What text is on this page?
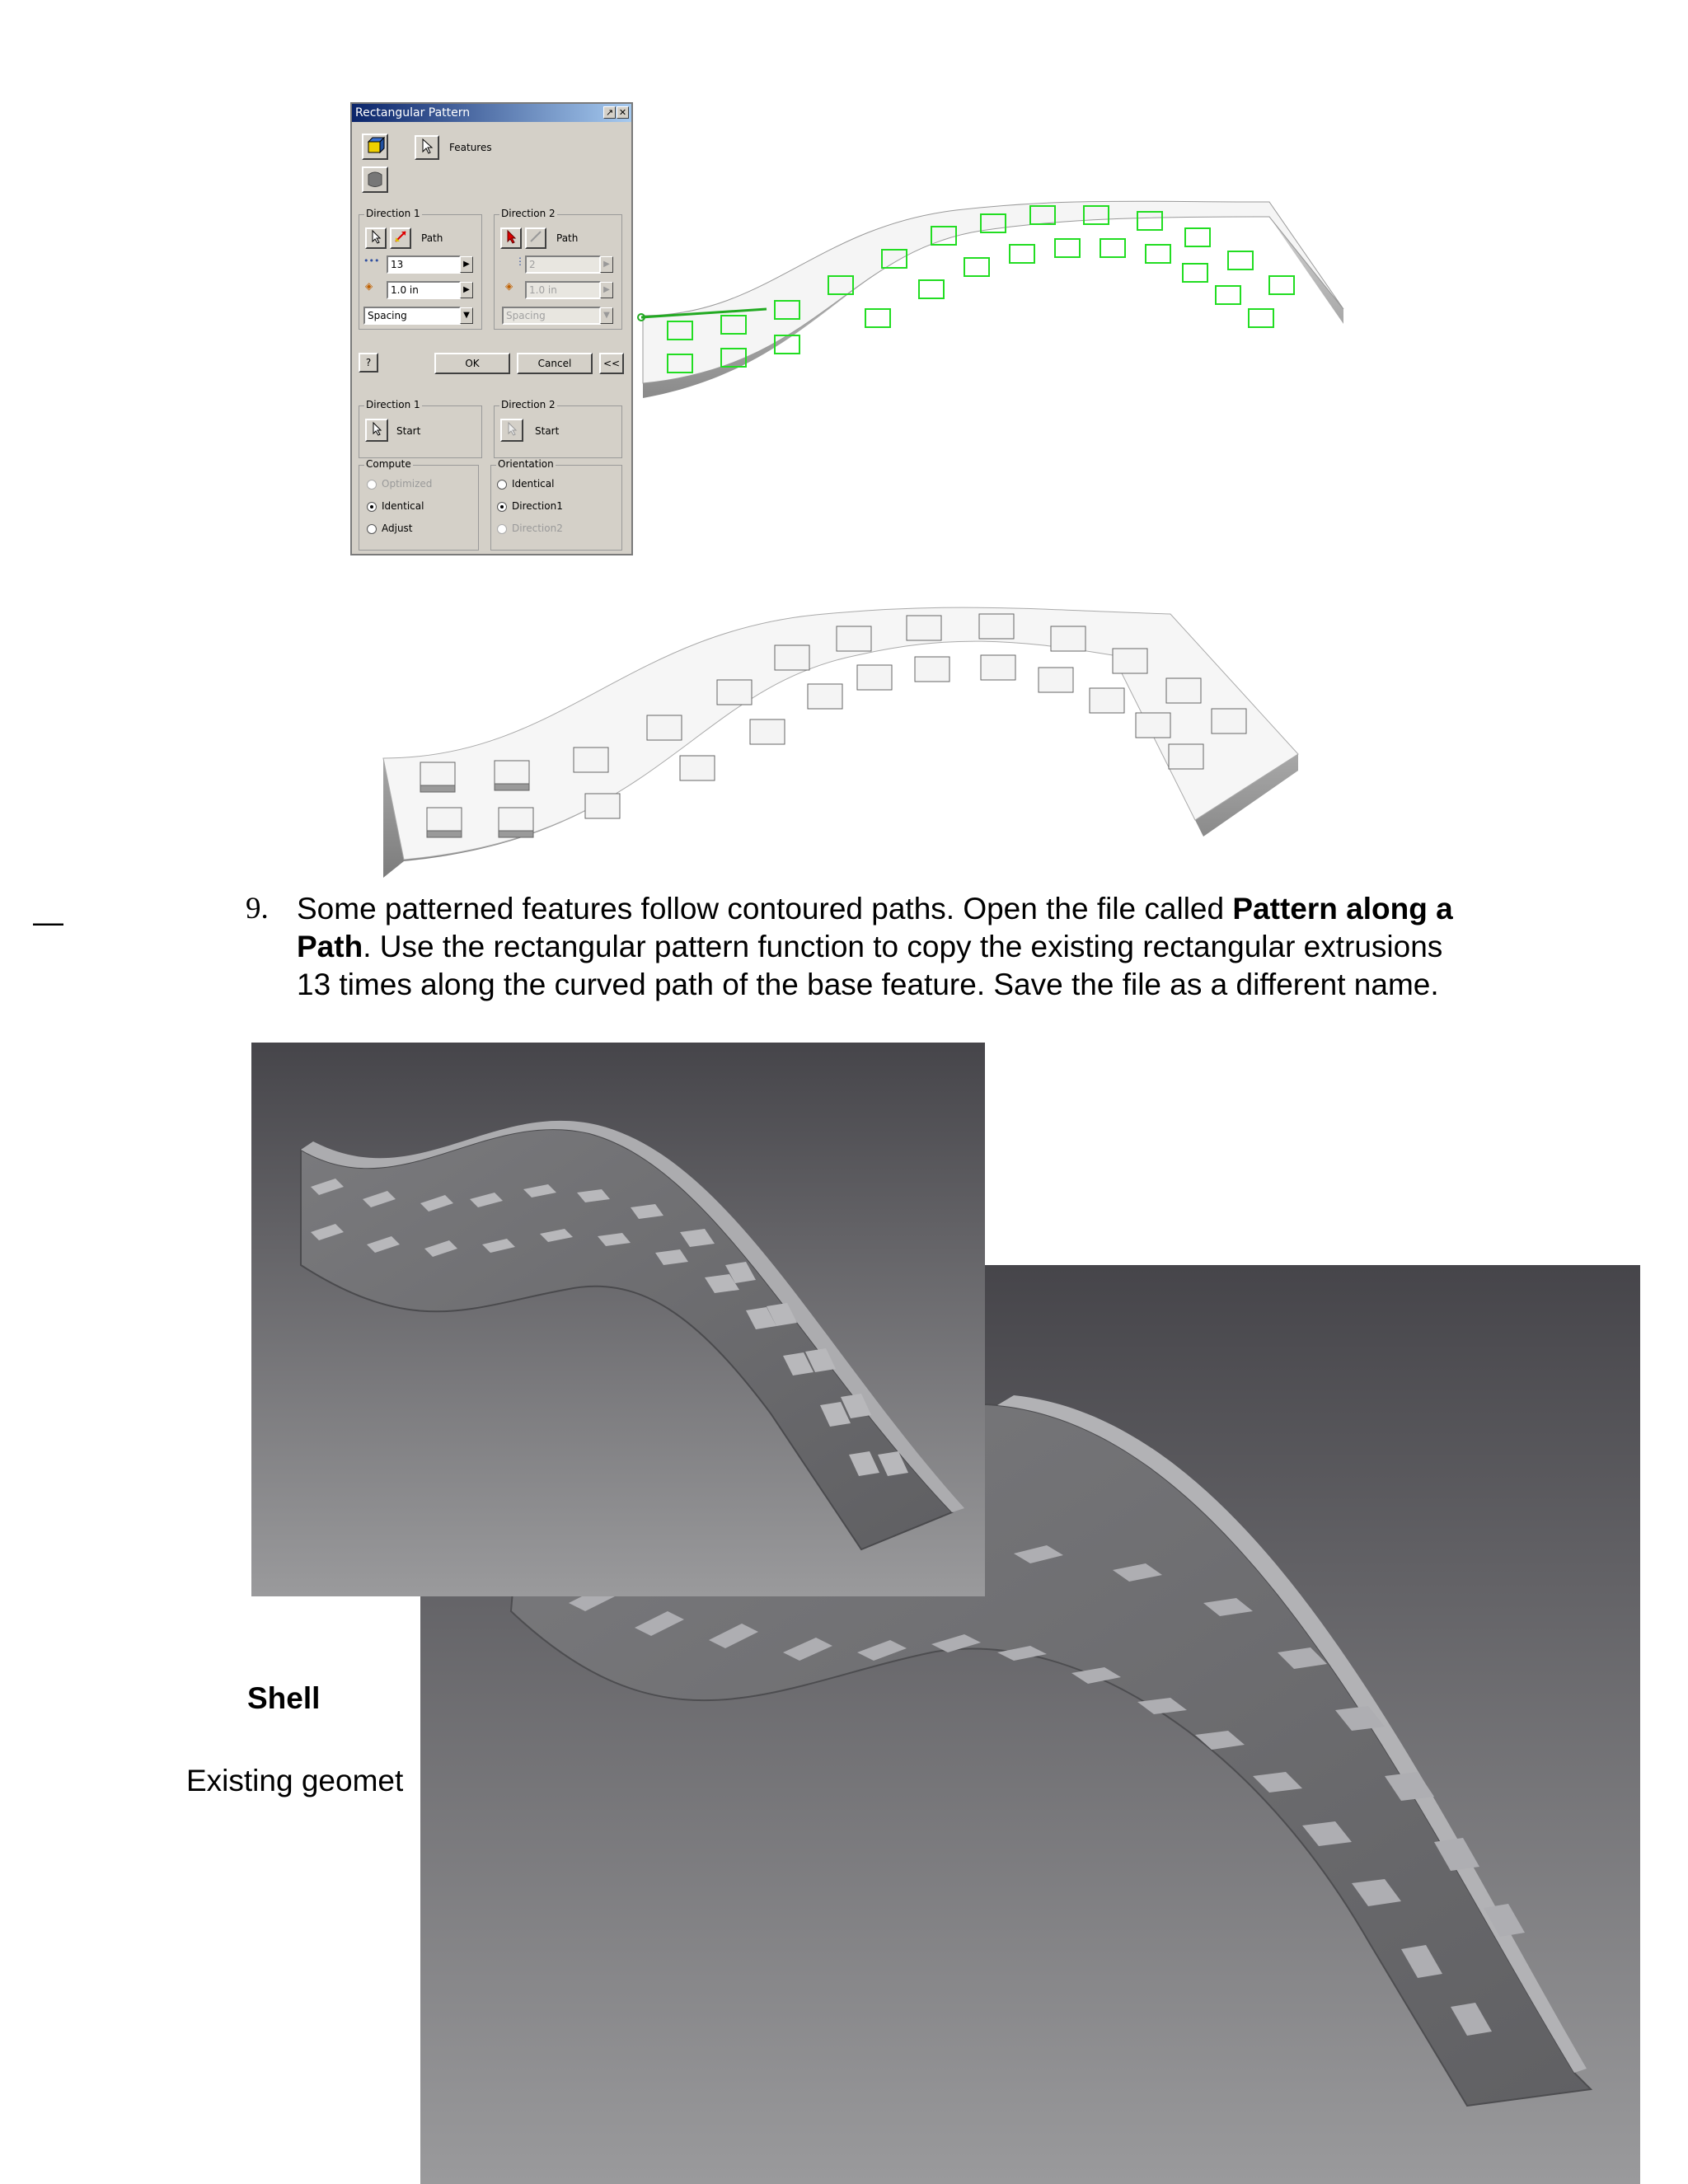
Rectangular Pattern	↗ ✕
Features
Direction 1
Path
•••	13	▶
◈	1.0 in	▶
Spacing	▼
Direction 2
Path
⋮ 2	▶
◈	1.0 in	▶
Spacing	▼
?	OK	Cancel	<<
Direction 1
Start
Direction 2
Start
Compute
Optimized
Identical
Adjust
Orientation
Identical
Direction1
Direction2
—	9. Some patterned features follow contoured paths. Open the file called Pattern along a Path. Use the rectangular pattern function to copy the existing rectangular extrusions 13 times along the curved path of the base feature. Save the file as a different name.
Shell
Existing geomet
